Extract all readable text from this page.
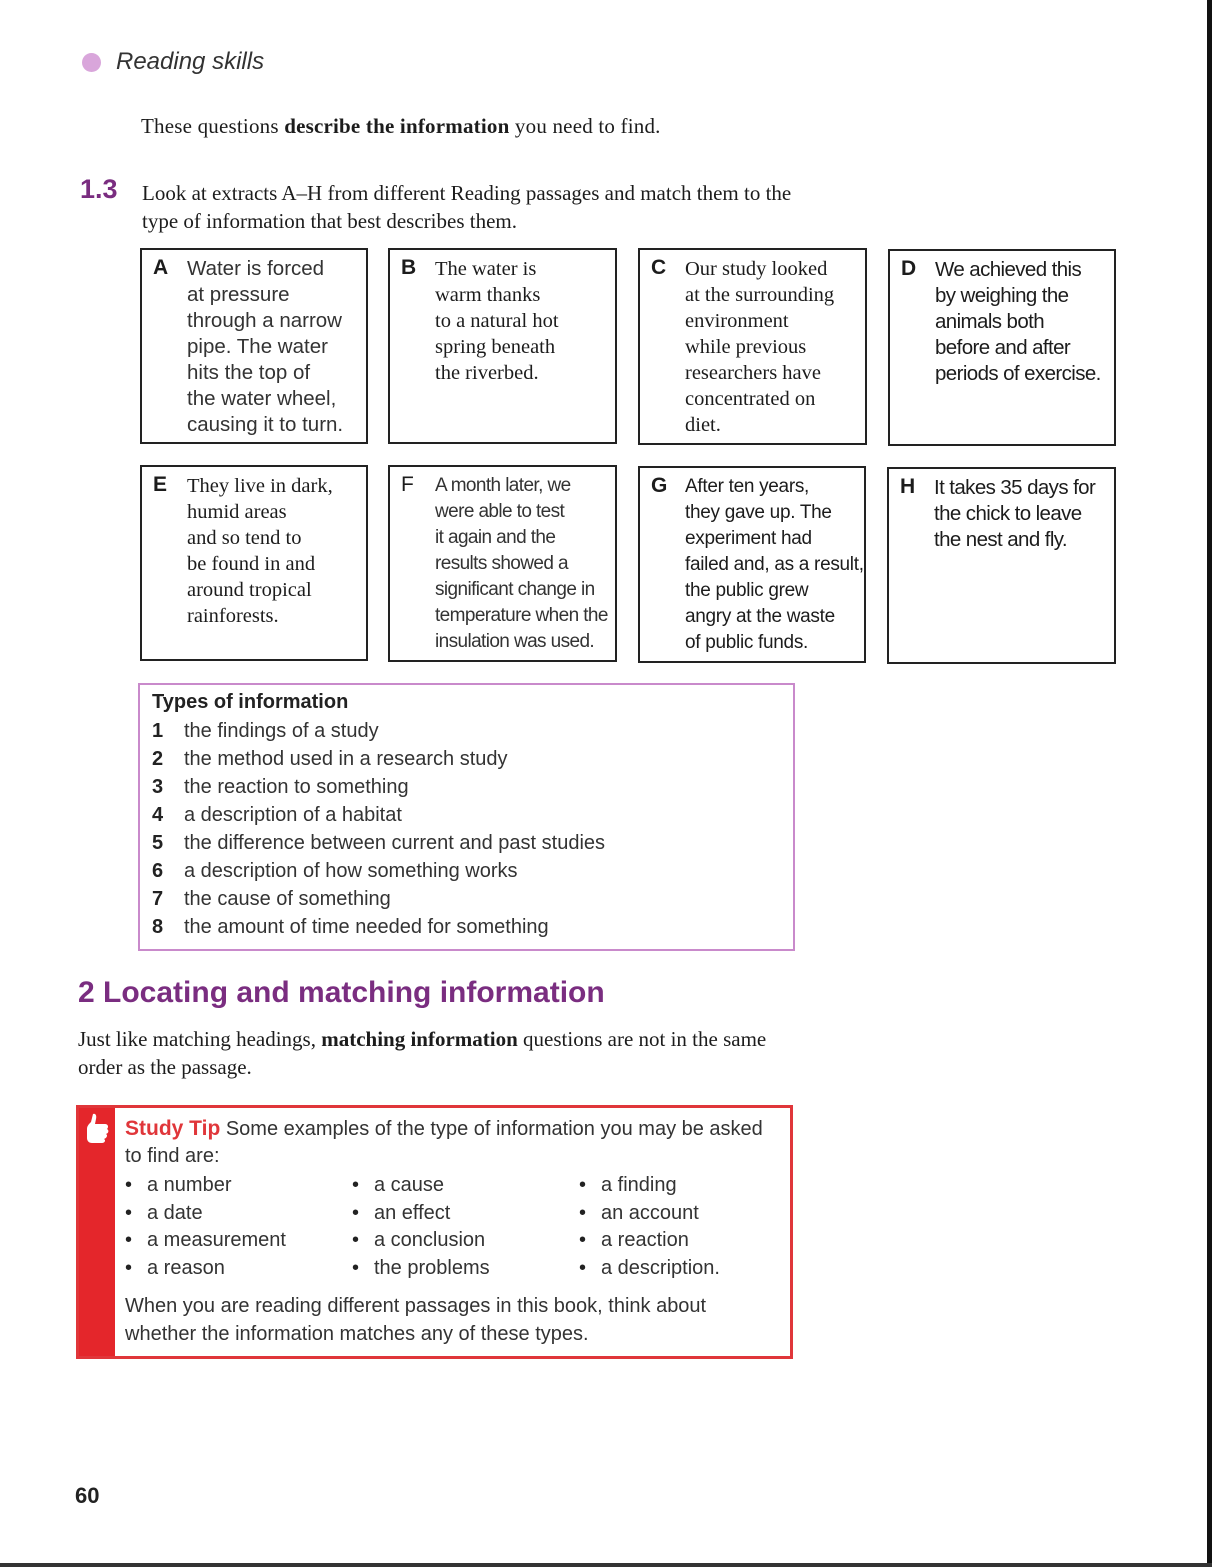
Reading skills
These questions describe the information you need to find.
1.3 Look at extracts A–H from different Reading passages and match them to the type of information that best describes them.
A Water is forced
at pressure
through a narrow
pipe. The water
hits the top of
the water wheel,
causing it to turn.
B The water is
warm thanks
to a natural hot
spring beneath
the riverbed.
C Our study looked
at the surrounding
environment
while previous
researchers have
concentrated on
diet.
D We achieved this
by weighing the
animals both
before and after
periods of exercise.
E They live in dark,
humid areas
and so tend to
be found in and
around tropical
rainforests.
F A month later, we
were able to test
it again and the
results showed a
significant change in
temperature when the
insulation was used.
G After ten years,
they gave up. The
experiment had
failed and, as a result,
the public grew
angry at the waste
of public funds.
H It takes 35 days for
the chick to leave
the nest and fly.
Types of information
1	the findings of a study
2	the method used in a research study
3	the reaction to something
4	a description of a habitat
5	the difference between current and past studies
6	a description of how something works
7	the cause of something
8	the amount of time needed for something
2 Locating and matching information
Just like matching headings, matching information questions are not in the same order as the passage.
Study Tip Some examples of the type of information you may be asked to find are:
• a number
• a date
• a measurement
• a reason
• a cause
• an effect
• a conclusion
• the problems
• a finding
• an account
• a reaction
• a description.
When you are reading different passages in this book, think about whether the information matches any of these types.
60
